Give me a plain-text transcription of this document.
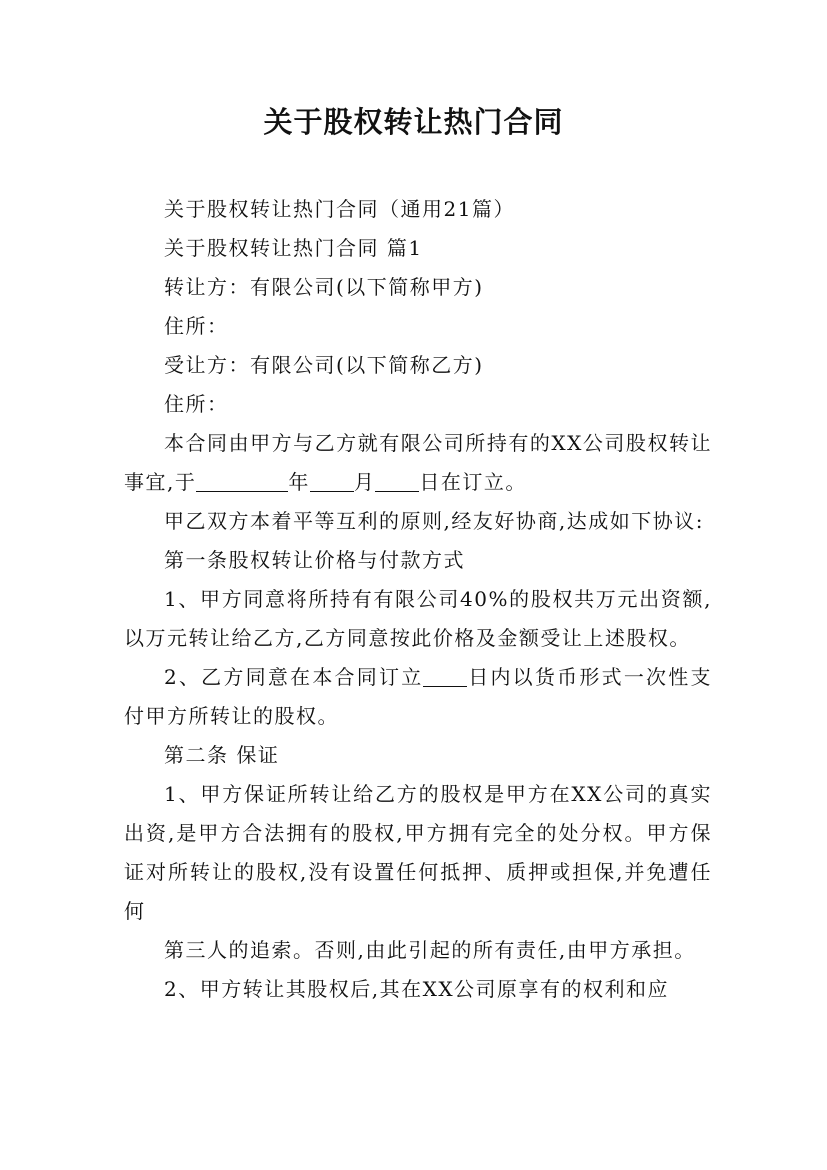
关于股权转让热门合同

关于股权转让热门合同（通用21篇）

关于股权转让热门合同 篇1

转让方：有限公司(以下简称甲方)

住所：

受让方：有限公司(以下简称乙方)

住所：

本合同由甲方与乙方就有限公司所持有的XX公司股权转让事宜,于	年 月 日在订立。

甲乙双方本着平等互利的原则,经友好协商,达成如下协议:

第一条股权转让价格与付款方式

1、甲方同意将所持有有限公司40%的股权共万元出资额,以万元转让给乙方,乙方同意按此价格及金额受让上述股权。

2、乙方同意在本合同订立 日内以货币形式一次性支付甲方所转让的股权。

第二条 保证

1、甲方保证所转让给乙方的股权是甲方在XX公司的真实出资,是甲方合法拥有的股权,甲方拥有完全的处分权。甲方保证对所转让的股权,没有设置任何抵押、质押或担保,并免遭任何

第三人的追索。否则,由此引起的所有责任,由甲方承担。

2、甲方转让其股权后,其在XX公司原享有的权利和应
